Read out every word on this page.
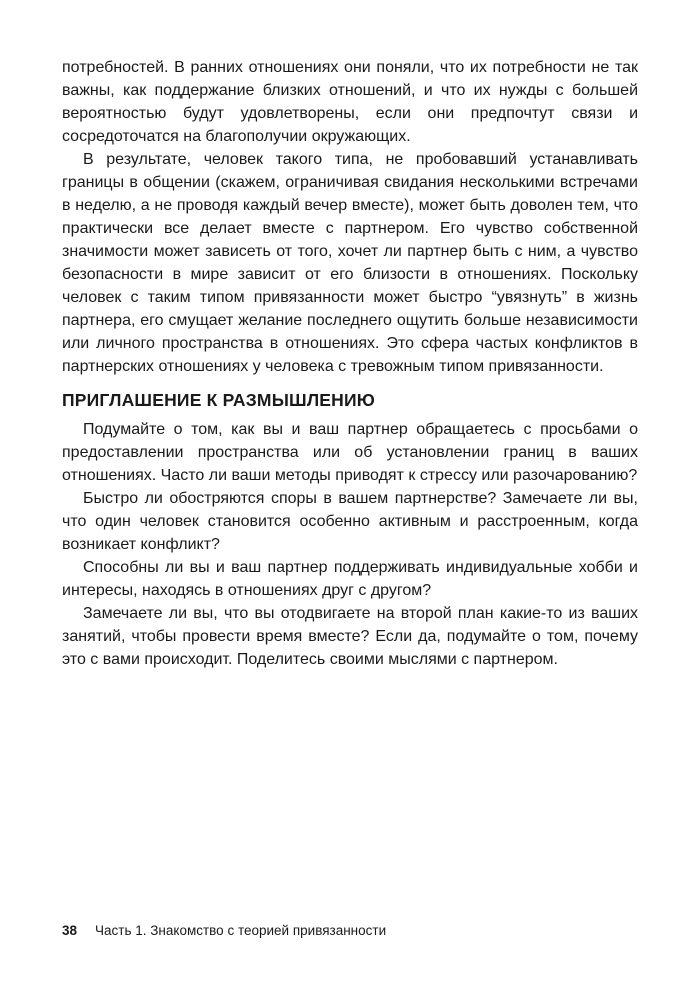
потребностей. В ранних отношениях они поняли, что их потребности не так важны, как поддержание близких отношений, и что их нужды с большей вероятностью будут удовлетворены, если они предпочтут связи и сосредоточатся на благополучии окружающих.

В результате, человек такого типа, не пробовавший устанавливать границы в общении (скажем, ограничивая свидания несколькими встречами в неделю, а не проводя каждый вечер вместе), может быть доволен тем, что практически все делает вместе с партнером. Его чувство собственной значимости может зависеть от того, хочет ли партнер быть с ним, а чувство безопасности в мире зависит от его близости в отношениях. Поскольку человек с таким типом привязанности может быстро “увязнуть” в жизнь партнера, его смущает желание последнего ощутить больше независимости или личного пространства в отношениях. Это сфера частых конфликтов в партнерских отношениях у человека с тревожным типом привязанности.

ПРИГЛАШЕНИЕ К РАЗМЫШЛЕНИЮ

Подумайте о том, как вы и ваш партнер обращаетесь с просьбами о предоставлении пространства или об установлении границ в ваших отношениях. Часто ли ваши методы приводят к стрессу или разочарованию?

Быстро ли обостряются споры в вашем партнерстве? Замечаете ли вы, что один человек становится особенно активным и расстроенным, когда возникает конфликт?

Способны ли вы и ваш партнер поддерживать индивидуальные хобби и интересы, находясь в отношениях друг с другом?

Замечаете ли вы, что вы отодвигаете на второй план какие-то из ваших занятий, чтобы провести время вместе? Если да, подумайте о том, почему это с вами происходит. Поделитесь своими мыслями с партнером.

38 Часть 1. Знакомство с теорией привязанности
